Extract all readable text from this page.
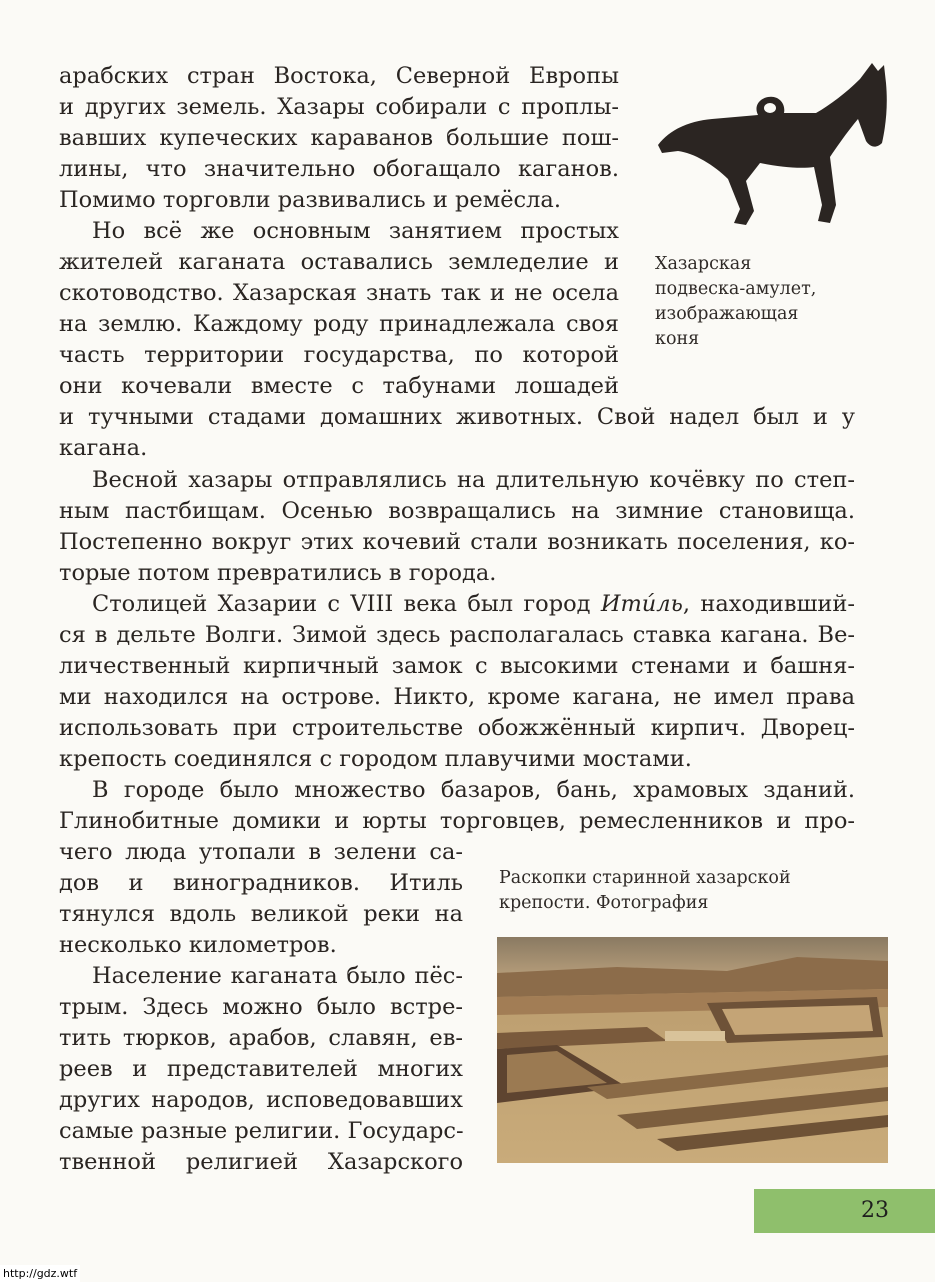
арабских стран Востока, Северной Европы

и других земель. Хазары собирали с проплы-

вавших купеческих караванов большие пош-

лины, что значительно обогащало каганов.

Помимо торговли развивались и ремёсла.

Но всё же основным занятием простых

жителей каганата оставались земледелие и

скотоводство. Хазарская знать так и не осела

на землю. Каждому роду принадлежала своя

часть территории государства, по которой

они кочевали вместе с табунами лошадей

и тучными стадами домашних животных. Свой надел был и у

кагана.

Весной хазары отправлялись на длительную кочёвку по степ-

ным пастбищам. Осенью возвращались на зимние становища.

Постепенно вокруг этих кочевий стали возникать поселения, ко-

торые потом превратились в города.

Столицей Хазарии с VIII века был город Итúль, находивший-

ся в дельте Волги. Зимой здесь располагалась ставка кагана. Ве-

личественный кирпичный замок с высокими стенами и башня-

ми находился на острове. Никто, кроме кагана, не имел права

использовать при строительстве обожжённый кирпич. Дворец-

крепость соединялся с городом плавучими мостами.

В городе было множество базаров, бань, храмовых зданий.

Глинобитные домики и юрты торговцев, ремесленников и про-

чего люда утопали в зелени са-

дов и виноградников. Итиль

тянулся вдоль великой реки на

несколько километров.

Население каганата было пёс-

трым. Здесь можно было встре-

тить тюрков, арабов, славян, ев-

реев и представителей многих

других народов, исповедовавших

самые разные религии. Государс-

твенной религией Хазарского

Хазарская
подвеска-амулет,
изображающая
коня

Раскопки старинной хазарской
крепости. Фотография

23
http://gdz.wtf
